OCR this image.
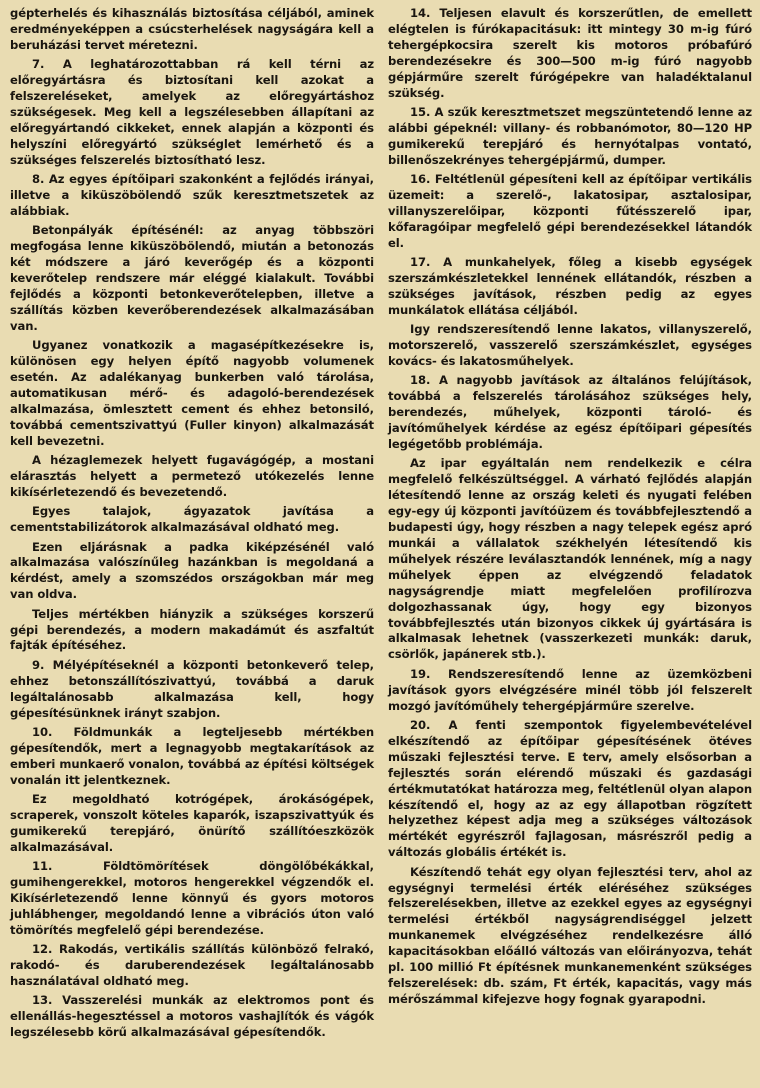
gépterhelés és kihasználás biztosítása céljából, aminek eredményeképpen a csúcsterhelések nagyságára kell a beruházási tervet méretezni.

7. A leghatározottabban rá kell térni az előregyártásra és biztosítani kell azokat a felszereléseket, amelyek az előregyártáshoz szükségesek. Meg kell a legszélesebben állapítani az előregyártandó cikkeket, ennek alapján a központi és helyszíni előregyártó szükséglet lemérhető és a szükséges felszerelés biztosítható lesz.

8. Az egyes építőipari szakonként a fejlődés irányai, illetve a kiküszöbölendő szűk keresztmetszetek az alábbiak.

Betonpályák építésénél: az anyag többszöri megfogása lenne kiküszöbölendő, miután a betonozás két módszere a járó keverőgép és a központi keverőtelep rendszere már eléggé kialakult. További fejlődés a központi betonkeverőtelepben, illetve a szállítás közben keverőberendezések alkalmazásában van.

Ugyanez vonatkozik a magasépítkezésekre is, különösen egy helyen építő nagyobb volumenek esetén. Az adalékanyag bunkerben való tárolása, automatikusan mérő- és adagoló-berendezések alkalmazása, ömlesztett cement és ehhez betonsiló, továbbá cementszivattyú (Fuller kinyon) alkalmazását kell bevezetni.

A hézaglemezek helyett fugavágógép, a mostani elárasztás helyett a permetező utókezelés lenne kikísérletezendő és bevezetendő.

Egyes talajok, ágyazatok javítása a cementstabilizátorok alkalmazásával oldható meg.

Ezen eljárásnak a padka kiképzésénél való alkalmazása valószínűleg hazánkban is megoldaná a kérdést, amely a szomszédos országokban már meg van oldva.

Teljes mértékben hiányzik a szükséges korszerű gépi berendezés, a modern makadámút és aszfaltút fajták építéséhez.

9. Mélyépítéseknél a központi betonkeverő telep, ehhez betonszállítószivattyú, továbbá a daruk legáltalánosabb alkalmazása kell, hogy gépesítésünknek irányt szabjon.

10. Földmunkák a legteljesebb mértékben gépesítendők, mert a legnagyobb megtakarítások az emberi munkaerő vonalon, továbbá az építési költségek vonalán itt jelentkeznek.

Ez megoldható kotrógépek, árokásógépek, scraperek, vonszolt köteles kaparók, iszapszivattyúk és gumikerekű terepjáró, önürítő szállítóeszközök alkalmazásával.

11. Földtömörítések döngölőbékákkal, gumihengerekkel, motoros hengerekkel végzendők el. Kikísérletezendő lenne könnyű és gyors motoros juhlábhenger, megoldandó lenne a vibrációs úton való tömörítés megfelelő gépi berendezése.

12. Rakodás, vertikális szállítás különböző felrakó, rakodó- és daruberendezések legáltalánosabb használatával oldható meg.

13. Vasszerelési munkák az elektromos pont és ellenállás-hegesztéssel a motoros vashajlítók és vágók legszélesebb körű alkalmazásával gépesítendők.

14. Teljesen elavult és korszerűtlen, de emellett elégtelen is fúrókapacitásuk: itt mintegy 30 m-ig fúró tehergépkocsira szerelt kis motoros próbafúró berendezésekre és 300—500 m-ig fúró nagyobb gépjárműre szerelt fúrógépekre van haladéktalanul szükség.

15. A szűk keresztmetszet megszüntetendő lenne az alábbi gépeknél: villany- és robbanómotor, 80—120 HP gumikerekű terepjáró és hernyótalpas vontató, billenőszekrényes tehergépjármű, dumper.

16. Feltétlenül gépesíteni kell az építőipar vertikális üzemeit: a szerelő-, lakatosipar, asztalosipar, villanyszerelőipar, központi fűtésszerelő ipar, kőfaragóipar megfelelő gépi berendezésekkel látandók el.

17. A munkahelyek, főleg a kisebb egységek szerszámkészletekkel lennének ellátandók, részben a szükséges javítások, részben pedig az egyes munkálatok ellátása céljából.

Igy rendszeresítendő lenne lakatos, villanyszerelő, motorszerelő, vasszerelő szerszámkészlet, egységes kovács- és lakatosműhelyek.

18. A nagyobb javítások az általános felújítások, továbbá a felszerelés tárolásához szükséges hely, berendezés, műhelyek, központi tároló- és javítóműhelyek kérdése az egész építőipari gépesítés legégetőbb problémája.

Az ipar egyáltalán nem rendelkezik e célra megfelelő felkészültséggel. A várható fejlődés alapján létesítendő lenne az ország keleti és nyugati felében egy-egy új központi javítóüzem és továbbfejlesztendő a budapesti úgy, hogy részben a nagy telepek egész apró munkái a vállalatok székhelyén létesítendő kis műhelyek részére leválasztandók lennének, míg a nagy műhelyek éppen az elvégzendő feladatok nagyságrendje miatt megfelelően profilírozva dolgozhassanak úgy, hogy egy bizonyos továbbfejlesztés után bizonyos cikkek új gyártására is alkalmasak lehetnek (vasszerkezeti munkák: daruk, csörlők, japánerek stb.).

19. Rendszeresítendő lenne az üzemközbeni javítások gyors elvégzésére minél több jól felszerelt mozgó javítóműhely tehergépjárműre szerelve.

20. A fenti szempontok figyelembevételével elkészítendő az építőipar gépesítésének ötéves műszaki fejlesztési terve. E terv, amely elsősorban a fejlesztés során elérendő műszaki és gazdasági értékmutatókat határozza meg, feltétlenül olyan alapon készítendő el, hogy az az egy állapotban rögzített helyzethez képest adja meg a szükséges változások mértékét egyrészről fajlagosan, másrészről pedig a változás globális értékét is.

Készítendő tehát egy olyan fejlesztési terv, ahol az egységnyi termelési érték eléréséhez szükséges felszerelésekben, illetve az ezekkel egyes az egységnyi termelési értékből nagyságrendiséggel jelzett munkanemek elvégzéséhez rendelkezésre álló kapacitásokban előálló változás van előirányozva, tehát pl. 100 millió Ft építésnek munkanemenként szükséges felszerelések: db. szám, Ft érték, kapacitás, vagy más mérőszámmal kifejezve hogy fognak gyarapodni.
